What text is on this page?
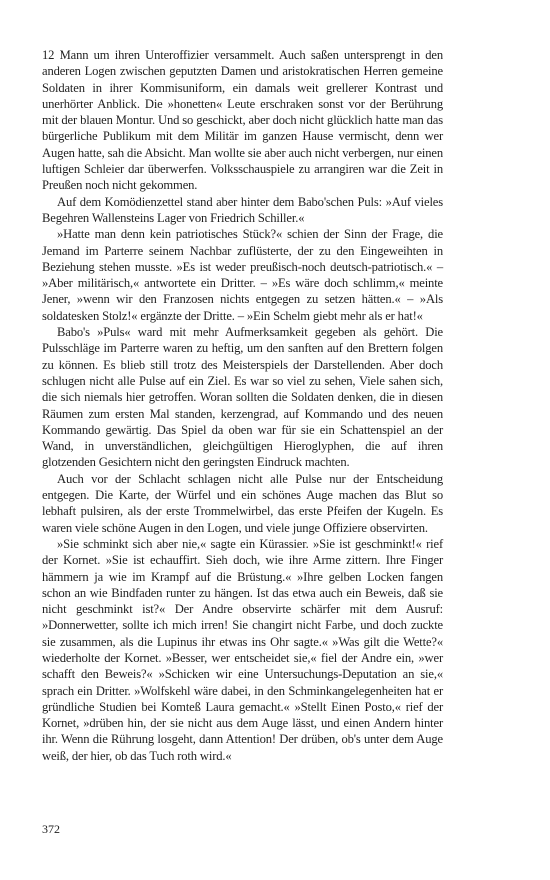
12 Mann um ihren Unteroffizier versammelt. Auch saßen untersprengt in den anderen Logen zwischen geputzten Damen und aristokratischen Herren gemeine Soldaten in ihrer Kommisuniform, ein damals weit grellerer Kontrast und unerhörter Anblick. Die »honetten« Leute erschraken sonst vor der Berührung mit der blauen Montur. Und so geschickt, aber doch nicht glücklich hatte man das bürgerliche Publikum mit dem Militär im ganzen Hause vermischt, denn wer Augen hatte, sah die Absicht. Man wollte sie aber auch nicht verbergen, nur einen luftigen Schleier dar überwerfen. Volksschauspiele zu arrangiren war die Zeit in Preußen noch nicht gekommen.

Auf dem Komödienzettel stand aber hinter dem Babo'schen Puls: »Auf vieles Begehren Wallensteins Lager von Friedrich Schiller.«

»Hatte man denn kein patriotisches Stück?« schien der Sinn der Frage, die Jemand im Parterre seinem Nachbar zuflüsterte, der zu den Eingeweihten in Beziehung stehen musste. »Es ist weder preußisch-noch deutsch-patriotisch.« – »Aber militärisch,« antwortete ein Dritter. – »Es wäre doch schlimm,« meinte Jener, »wenn wir den Franzosen nichts entgegen zu setzen hätten.« – »Als soldatesken Stolz!« ergänzte der Dritte. – »Ein Schelm giebt mehr als er hat!«

Babo's »Puls« ward mit mehr Aufmerksamkeit gegeben als gehört. Die Pulsschläge im Parterre waren zu heftig, um den sanften auf den Brettern folgen zu können. Es blieb still trotz des Meisterspiels der Darstellenden. Aber doch schlugen nicht alle Pulse auf ein Ziel. Es war so viel zu sehen, Viele sahen sich, die sich niemals hier getroffen. Woran sollten die Soldaten denken, die in diesen Räumen zum ersten Mal standen, kerzengrad, auf Kommando und des neuen Kommando gewärtig. Das Spiel da oben war für sie ein Schattenspiel an der Wand, in unverständlichen, gleichgültigen Hieroglyphen, die auf ihren glotzenden Gesichtern nicht den geringsten Eindruck machten.

Auch vor der Schlacht schlagen nicht alle Pulse nur der Entscheidung entgegen. Die Karte, der Würfel und ein schönes Auge machen das Blut so lebhaft pulsiren, als der erste Trommelwirbel, das erste Pfeifen der Kugeln. Es waren viele schöne Augen in den Logen, und viele junge Offiziere observirten.

»Sie schminkt sich aber nie,« sagte ein Kürassier. »Sie ist geschminkt!« rief der Kornet. »Sie ist echauffirt. Sieh doch, wie ihre Arme zittern. Ihre Finger hämmern ja wie im Krampf auf die Brüstung.« »Ihre gelben Locken fangen schon an wie Bindfaden runter zu hängen. Ist das etwa auch ein Beweis, daß sie nicht geschminkt ist?« Der Andre observirte schärfer mit dem Ausruf: »Donnerwetter, sollte ich mich irren! Sie changirt nicht Farbe, und doch zuckte sie zusammen, als die Lupinus ihr etwas ins Ohr sagte.« »Was gilt die Wette?« wiederholte der Kornet. »Besser, wer entscheidet sie,« fiel der Andre ein, »wer schafft den Beweis?« »Schicken wir eine Untersuchungs-Deputation an sie,« sprach ein Dritter. »Wolfskehl wäre dabei, in den Schminkangelegenheiten hat er gründliche Studien bei Komteß Laura gemacht.« »Stellt Einen Posto,« rief der Kornet, »drüben hin, der sie nicht aus dem Auge lässt, und einen Andern hinter ihr. Wenn die Rührung losgeht, dann Attention! Der drüben, ob's unter dem Auge weiß, der hier, ob das Tuch roth wird.«

372
